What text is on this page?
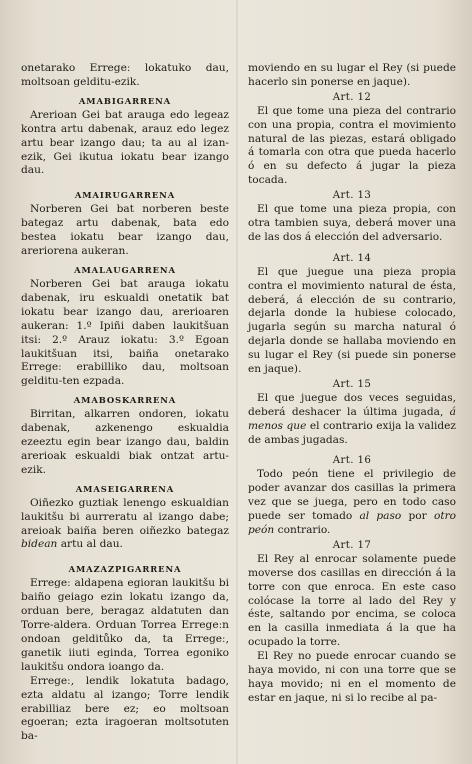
onetarako Erregeː lokatuko dau, moltsoan gelditu-ezik.

AMABIGARRENA

Arerioan Gei bat arauga edo legeaz kontra artu dabenak, arauz edo legez artu bear izango dau; ta au al izan-ezik, Gei ikutua iokatu bear izango dau.

AMAIRUGARRENA

Norberen Gei bat norberen beste bategaz artu dabenak, bata edo bestea iokatu bear izango dau, areriorena aukeran.

AMALAUGARRENA

Norberen Gei bat arauga iokatu dabenak, iru eskualdi onetatik bat iokatu bear izango dau, arerioaren aukeran: 1.º Ipiñi daben laukitšuan itsi: 2.º Arauz iokatu: 3.º Egoan laukitšuan itsi, baiña onetarako Erregeː erabilliko dau, moltsoan gelditu-ten ezpada.

AMABOSKARRENA

Birritan, alkarren ondoren, iokatu dabenak, azkenengo eskualdia ezeeztu egin bear izango dau, baldin arerioak eskualdi biak ontzat artu-ezik.

AMASEIGARRENA

Oiñezko guztiak lenengo eskualdian laukitšu bi aurreratu al izango dabe; areioak baiña beren oiñezko bategaz bidean artu al dau.

AMAZAZPIGARRENA

Erregeː aldapena egioran laukitšu bi baiño geiago ezin lokatu izango da, orduan bere, beragaz aldatuten dan Torre-aldera. Orduan Torrea Erregeːn ondoan gelditůko da, ta Erregeː, ganetik iiuti eginda, Torrea egoniko laukitšu ondora ioango da.

Erregeː, lendik lokatuta badago, ezta aldatu al izango; Torre lendik erabilliaz bere ez; eo moltsoan egoeran; ezta iragoeran moltsotuten ba-

moviendo en su lugar el Rey (si puede hacerlo sin ponerse en jaque).

Art. 12

El que tome una pieza del contrario con una propia, contra el movimiento natural de las piezas, estará obligado á tomarla con otra que pueda hacerlo ó en su defecto á jugar la pieza tocada.

Art. 13

El que tome una pieza propia, con otra tambien suya, deberá mover una de las dos á elección del adversario.

Art. 14

El que juegue una pieza propia contra el movimiento natural de ésta, deberá, á elección de su contrario, dejarla donde la hubiese colocado, jugarla según su marcha natural ó dejarla donde se hallaba moviendo en su lugar el Rey (si puede sin ponerse en jaque).

Art. 15

El que juegue dos veces seguidas, deberá deshacer la última jugada, á menos que el contrario exija la validez de ambas jugadas.

Art. 16

Todo peón tiene el privilegio de poder avanzar dos casillas la primera vez que se juega, pero en todo caso puede ser tomado al paso por otro peón contrario.

Art. 17

El Rey al enrocar solamente puede moverse dos casillas en dirección á la torre con que enroca. En este caso colócase la torre al lado del Rey y éste, saltando por encima, se coloca en la casilla inmediata á la que ha ocupado la torre.

El Rey no puede enrocar cuando se haya movido, ni con una torre que se haya movido; ni en el momento de estar en jaque, ni si lo recibe al pa-
